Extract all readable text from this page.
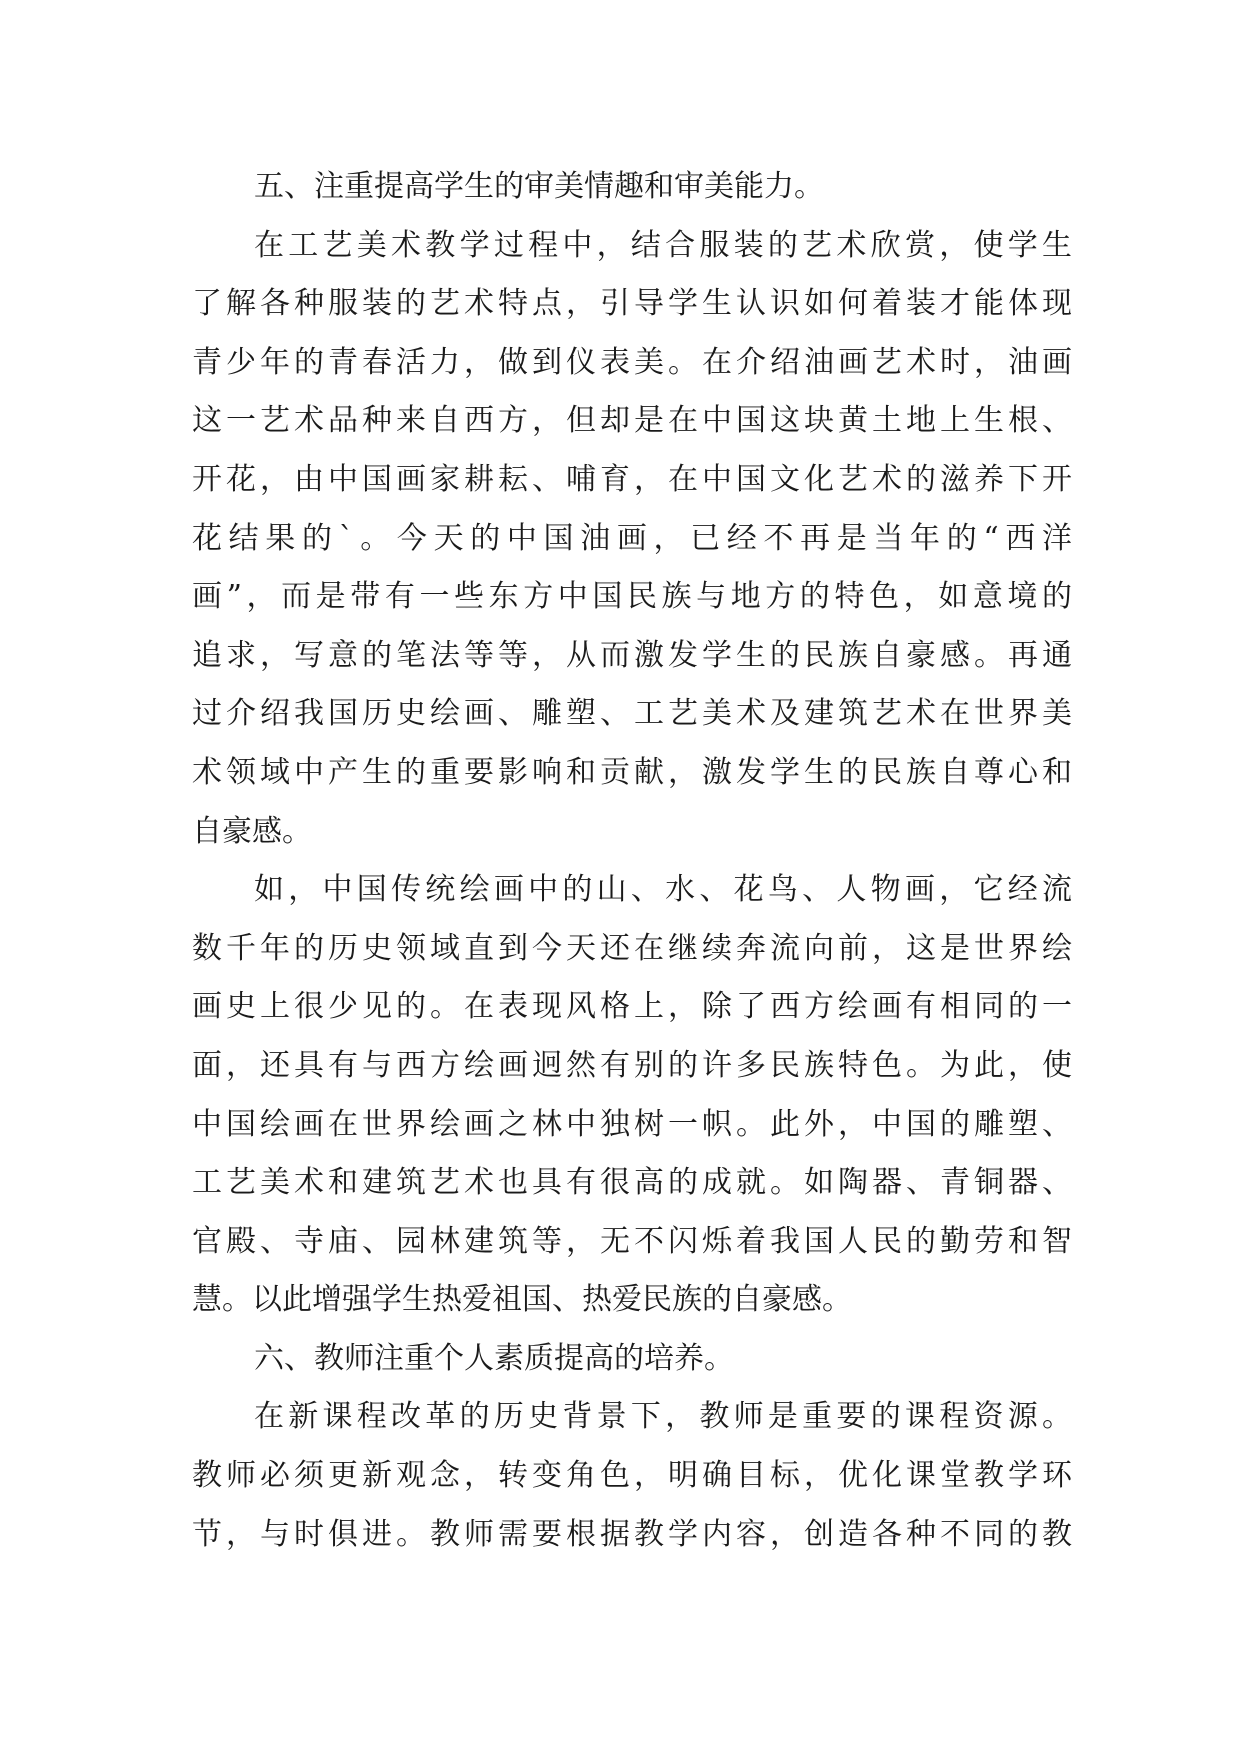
五、注重提高学生的审美情趣和审美能力。
在工艺美术教学过程中，结合服装的艺术欣赏，使学生
了解各种服装的艺术特点，引导学生认识如何着装才能体现
青少年的青春活力，做到仪表美。在介绍油画艺术时，油画
这一艺术品种来自西方，但却是在中国这块黄土地上生根、
开花，由中国画家耕耘、哺育，在中国文化艺术的滋养下开
花结果的`。今天的中国油画，已经不再是当年的“西洋
画”，而是带有一些东方中国民族与地方的特色，如意境的
追求，写意的笔法等等，从而激发学生的民族自豪感。再通
过介绍我国历史绘画、雕塑、工艺美术及建筑艺术在世界美
术领域中产生的重要影响和贡献，激发学生的民族自尊心和
自豪感。
如，中国传统绘画中的山、水、花鸟、人物画，它经流
数千年的历史领域直到今天还在继续奔流向前，这是世界绘
画史上很少见的。在表现风格上，除了西方绘画有相同的一
面，还具有与西方绘画迥然有别的许多民族特色。为此，使
中国绘画在世界绘画之林中独树一帜。此外，中国的雕塑、
工艺美术和建筑艺术也具有很高的成就。如陶器、青铜器、
官殿、寺庙、园林建筑等，无不闪烁着我国人民的勤劳和智
慧。以此增强学生热爱祖国、热爱民族的自豪感。
六、教师注重个人素质提高的培养。
在新课程改革的历史背景下，教师是重要的课程资源。
教师必须更新观念，转变角色，明确目标，优化课堂教学环
节，与时俱进。教师需要根据教学内容，创造各种不同的教
